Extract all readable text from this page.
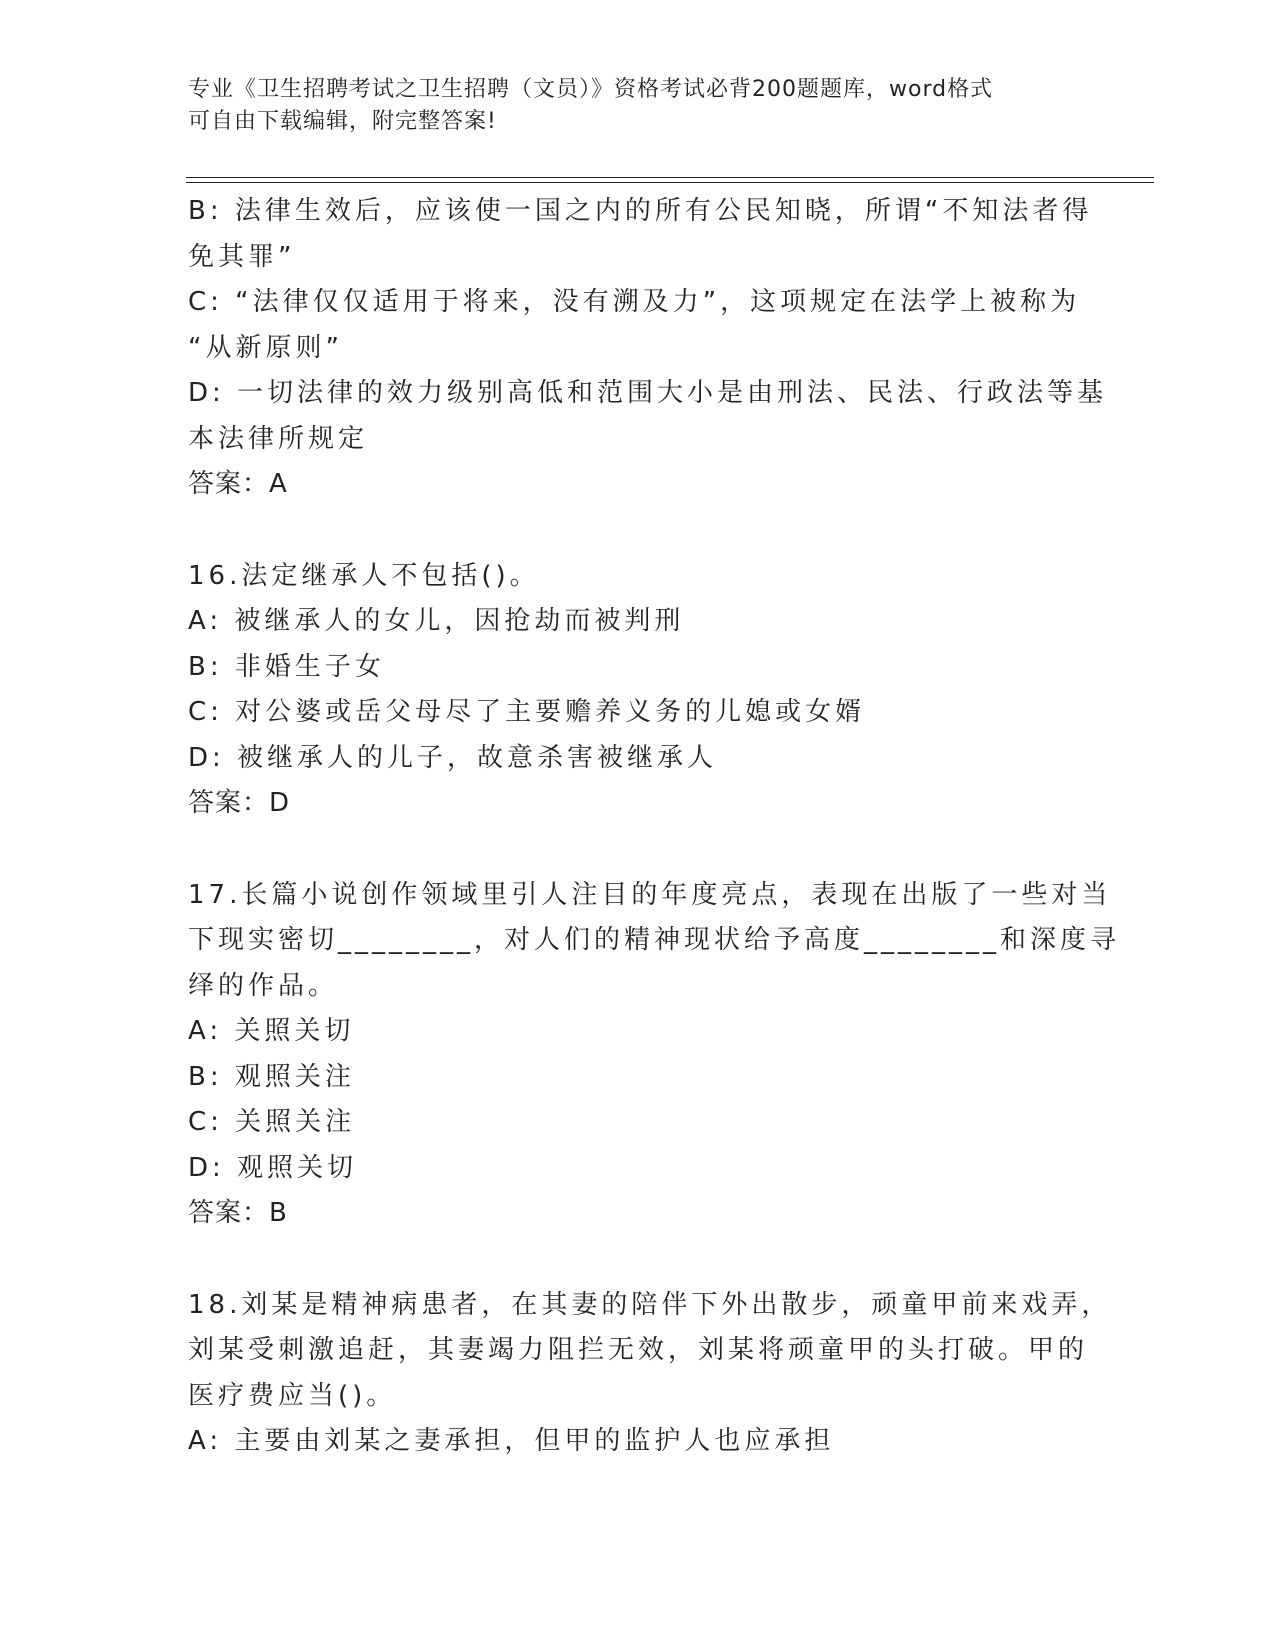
专业《卫生招聘考试之卫生招聘（文员）》资格考试必背200题题库，word格式
可自由下载编辑，附完整答案!
B: 法律生效后，应该使一国之内的所有公民知晓，所谓“不知法者得
免其罪”
C: “法律仅仅适用于将来，没有溯及力”，这项规定在法学上被称为
“从新原则”
D: 一切法律的效力级别高低和范围大小是由刑法、民法、行政法等基
本法律所规定
答案：A
16.法定继承人不包括()。
A: 被继承人的女儿，因抢劫而被判刑
B: 非婚生子女
C: 对公婆或岳父母尽了主要赡养义务的儿媳或女婿
D: 被继承人的儿子，故意杀害被继承人
答案：D
17.长篇小说创作领域里引人注目的年度亮点，表现在出版了一些对当
下现实密切________，对人们的精神现状给予高度________和深度寻
绎的作品。
A: 关照关切
B: 观照关注
C: 关照关注
D: 观照关切
答案：B
18.刘某是精神病患者，在其妻的陪伴下外出散步，顽童甲前来戏弄，
刘某受刺激追赶，其妻竭力阻拦无效，刘某将顽童甲的头打破。甲的
医疗费应当()。
A: 主要由刘某之妻承担，但甲的监护人也应承担
